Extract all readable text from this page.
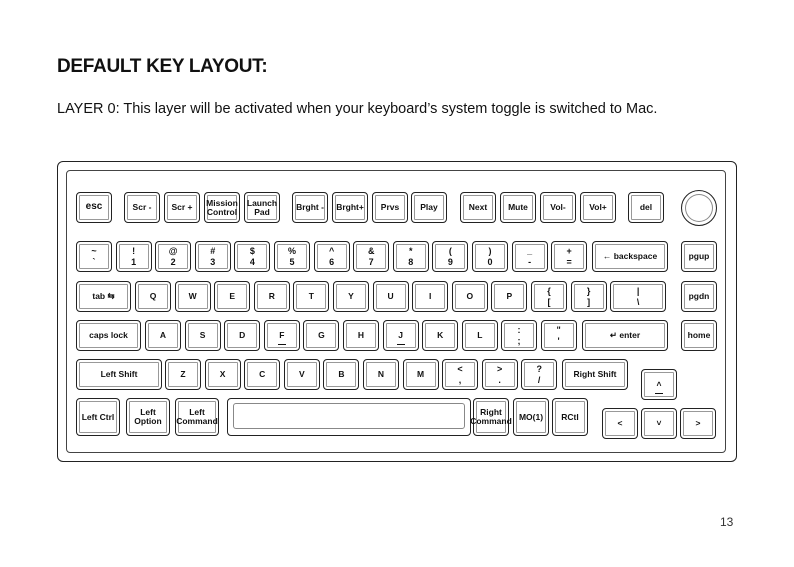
DEFAULT KEY LAYOUT:

LAYER 0: This layer will be activated when your keyboard’s system toggle is switched to Mac.

esc	Scr -	Scr +	Mission Control
Launch Pad	Brght -	Brght+	Prvs	Play	Next	Mute	Vol-	Vol+	del
~
`
!
1
@
2
#
3
$
4
%
5
^
6
&
7
*
8
(
9
)
0
_
-
+
=
← backspace	pgup
tab ⇆	Q	W	E	R	T	Y	U	I	O	P	{
[
}
]
|
\
pgdn
caps lock	A	S	D	F	G	H	J	K	L	:
;
"
'
↵ enter	home
Left Shift	Z	X	C	V	B	N	M	<
,
>
.
?
/
Right Shift
˄
Left Ctrl	Left Option
Left Command
Right Command MO(1)	RCtl
<	˅	>
13
